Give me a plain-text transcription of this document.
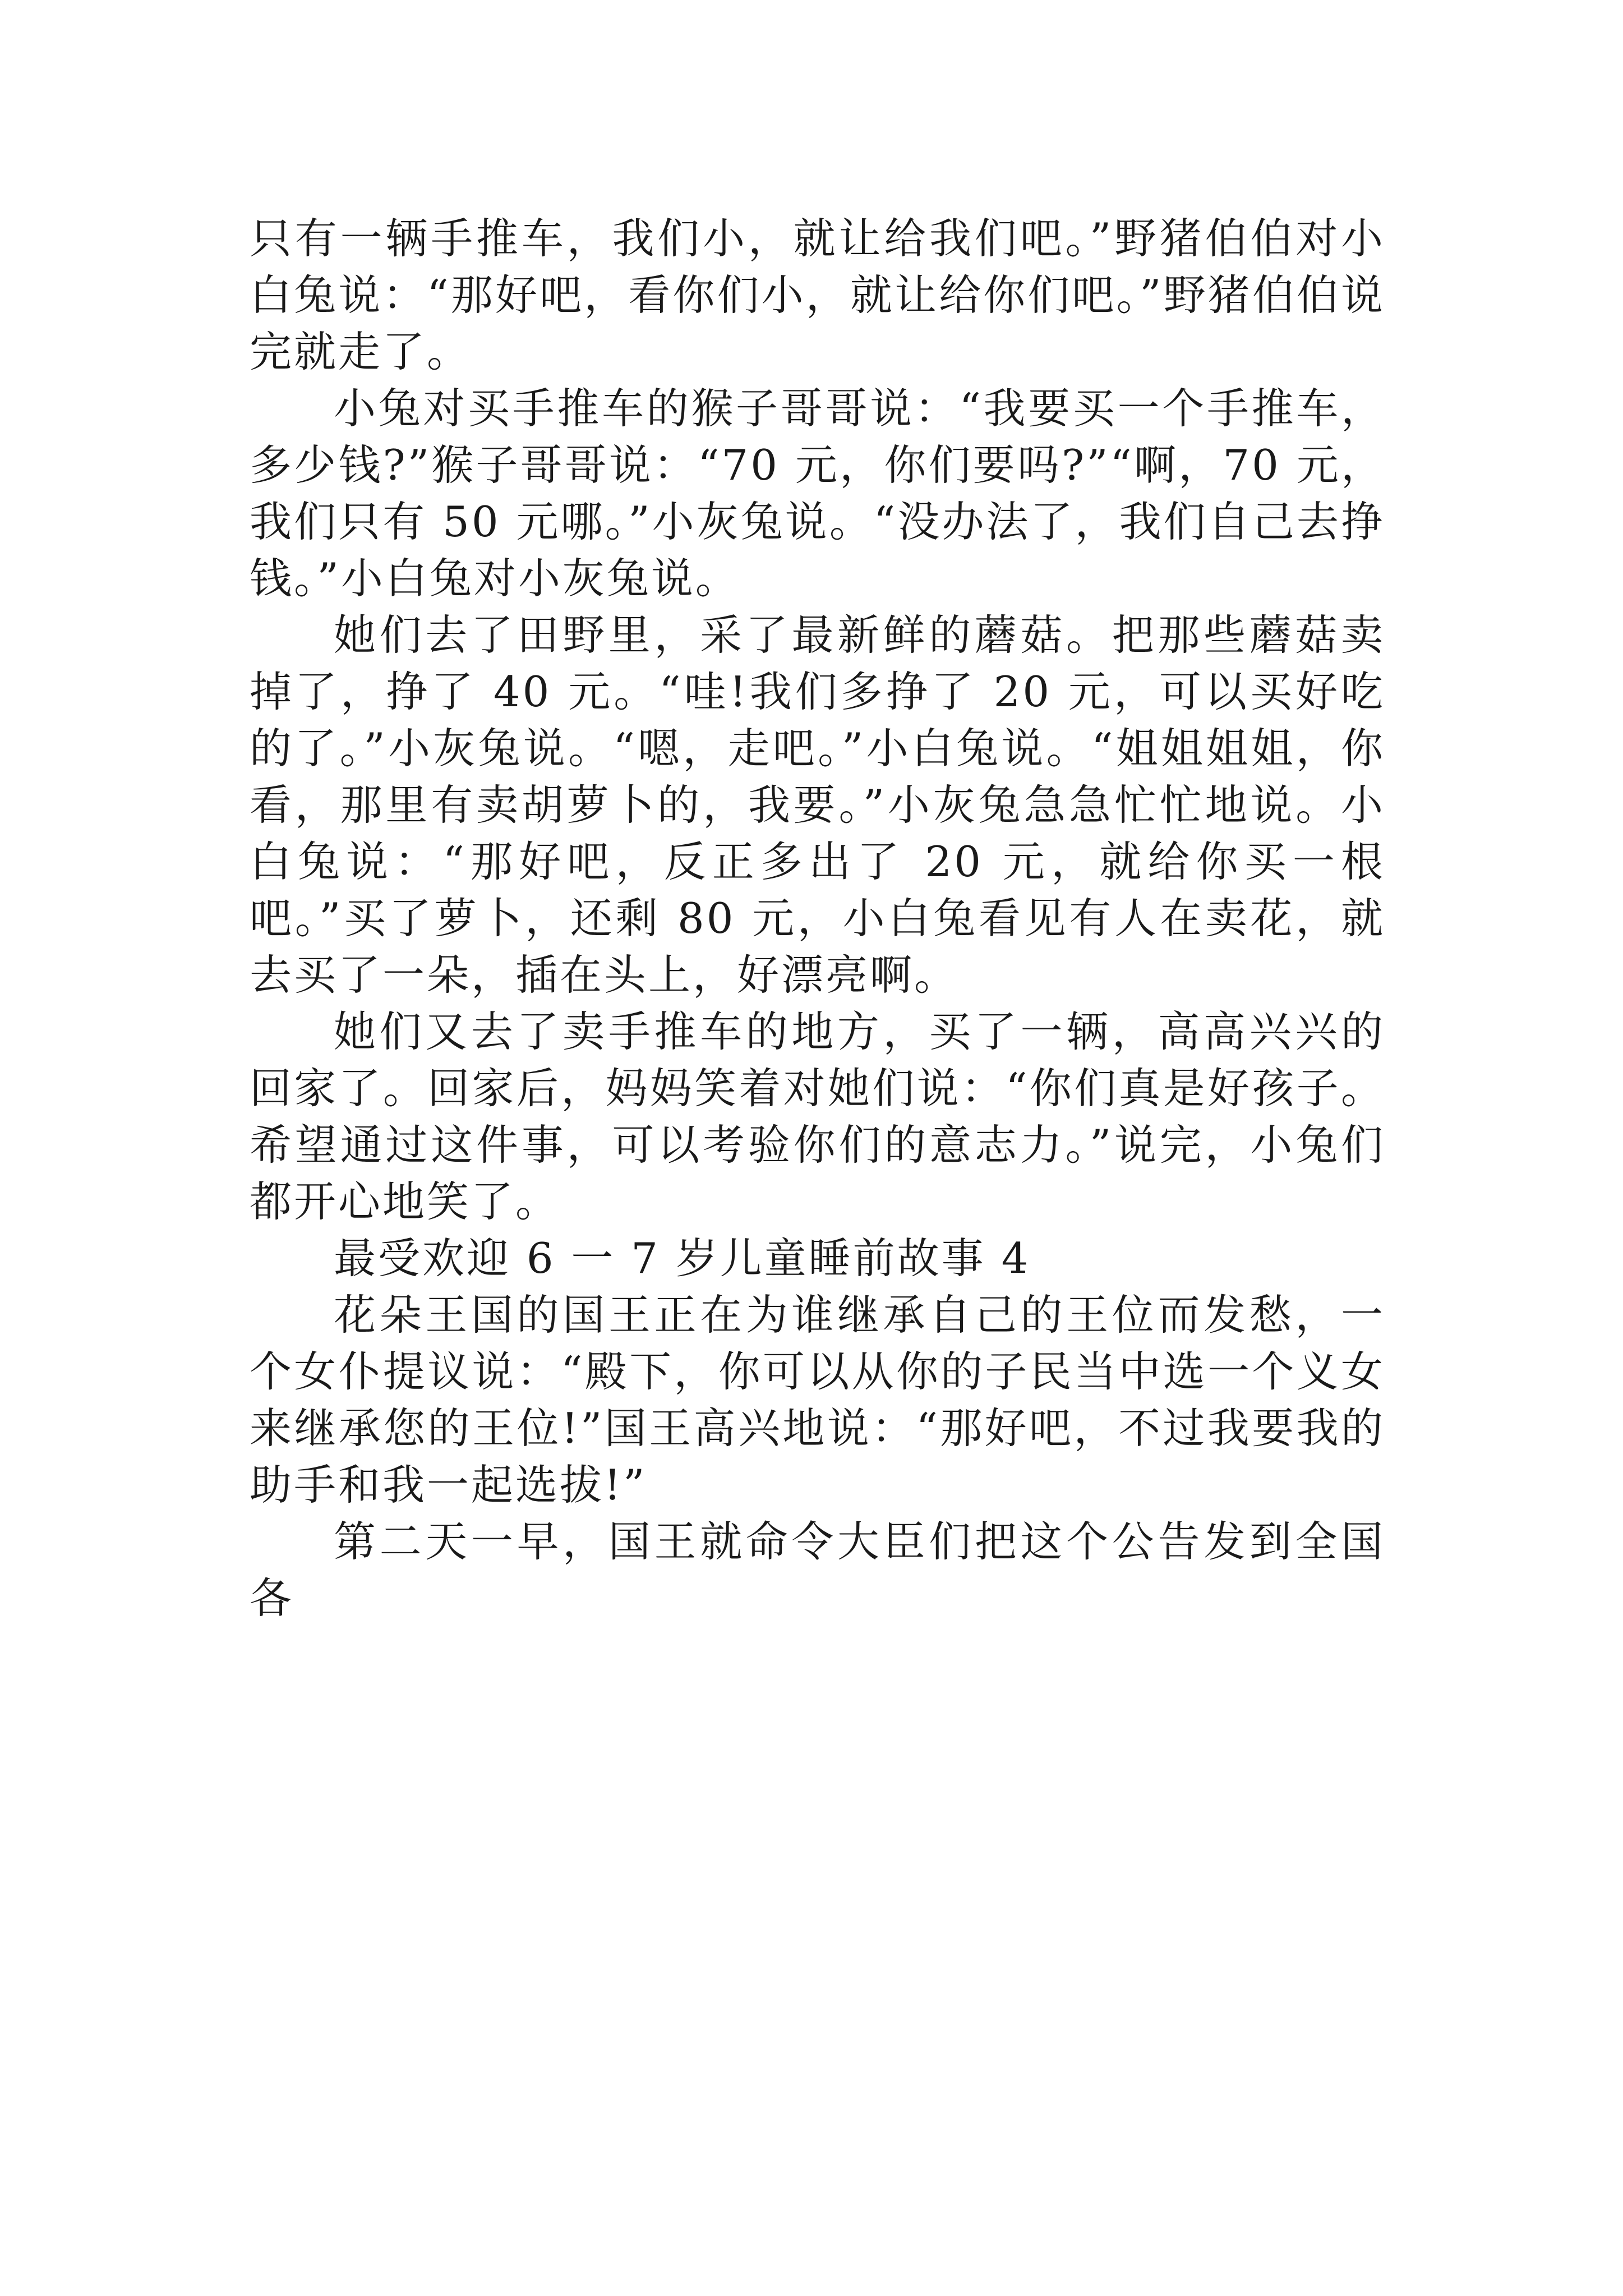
只有一辆手推车，我们小，就让给我们吧。”野猪伯伯对小白兔说：“那好吧，看你们小，就让给你们吧。”野猪伯伯说完就走了。

小兔对买手推车的猴子哥哥说：“我要买一个手推车，多少钱?”猴子哥哥说：“70 元，你们要吗?”“啊，70 元，我们只有 50 元哪。”小灰兔说。“没办法了，我们自己去挣钱。”小白兔对小灰兔说。

她们去了田野里，采了最新鲜的蘑菇。把那些蘑菇卖掉了，挣了 40 元。“哇!我们多挣了 20 元，可以买好吃的了。”小灰兔说。“嗯，走吧。”小白兔说。“姐姐姐姐，你看，那里有卖胡萝卜的，我要。”小灰兔急急忙忙地说。小白兔说：“那好吧，反正多出了 20 元，就给你买一根吧。”买了萝卜，还剩 80 元，小白兔看见有人在卖花，就去买了一朵，插在头上，好漂亮啊。

她们又去了卖手推车的地方，买了一辆，高高兴兴的回家了。回家后，妈妈笑着对她们说：“你们真是好孩子。希望通过这件事，可以考验你们的意志力。”说完，小兔们都开心地笑了。

最受欢迎 6 一 7 岁儿童睡前故事 4

花朵王国的国王正在为谁继承自己的王位而发愁，一个女仆提议说：“殿下，你可以从你的子民当中选一个义女来继承您的王位!”国王高兴地说：“那好吧，不过我要我的助手和我一起选拔!”

第二天一早，国王就命令大臣们把这个公告发到全国各
